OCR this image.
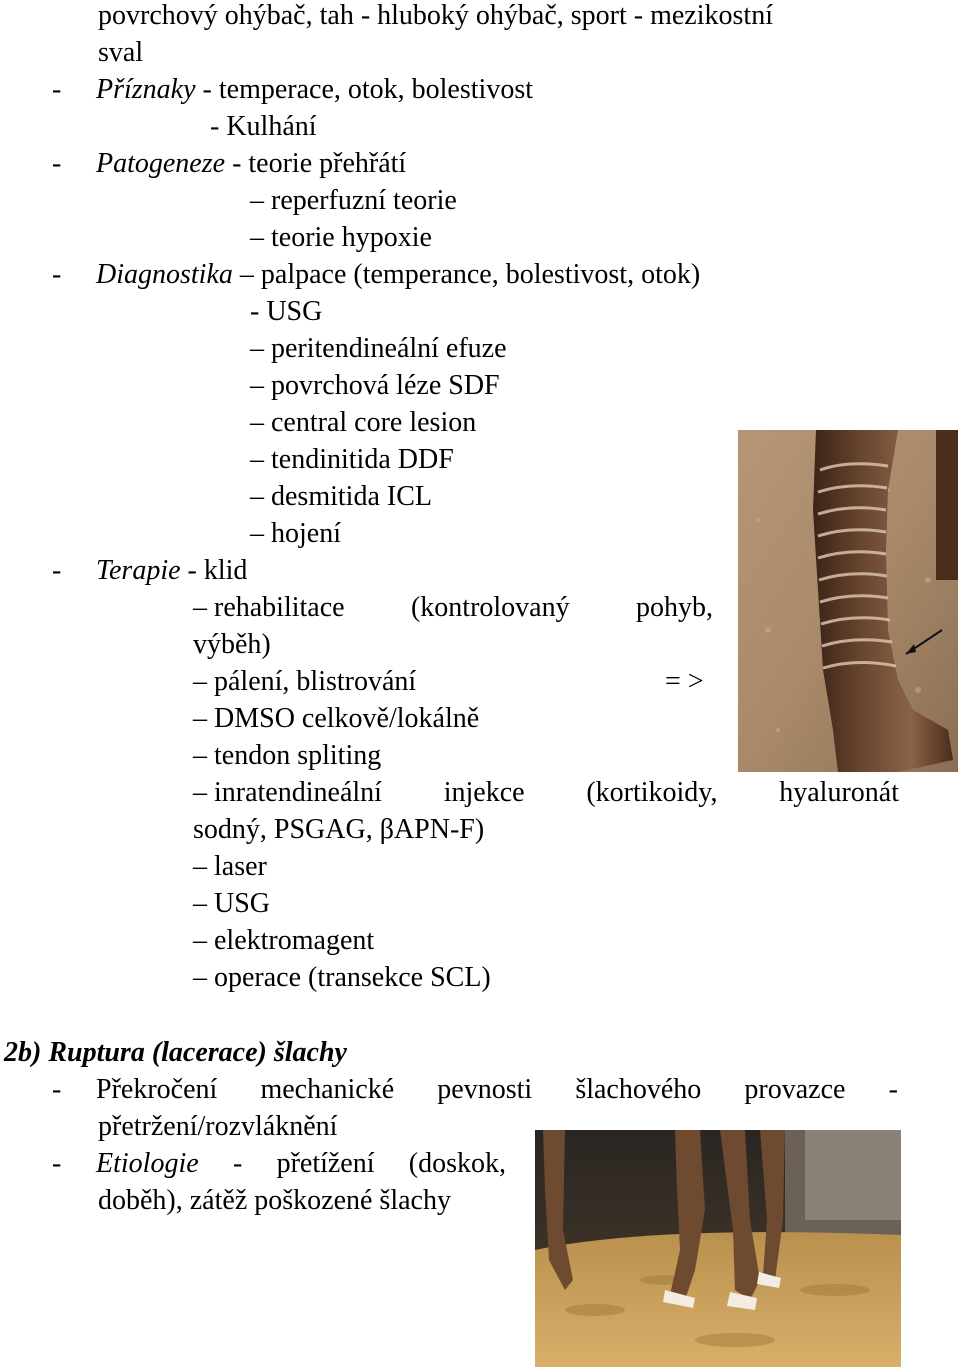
povrchový ohýbač, tah - hluboký ohýbač, sport - mezikostní
sval
- Příznaky - temperace, otok, bolestivost
- Kulhání
- Patogeneze - teorie přehřátí
– reperfuzní teorie
– teorie hypoxie
- Diagnostika – palpace (temperance, bolestivost, otok)
- USG
– peritendineální efuze
– povrchová léze SDF
– central core lesion
– tendinitida DDF
– desmitida ICL
– hojení
- Terapie - klid
– rehabilitace (kontrolovaný pohyb,
výběh)
– pálení, blistrování	= >
– DMSO celkově/lokálně
– tendon spliting
– inratendineální injekce (kortikoidy, hyaluronát
sodný, PSGAG, βAPN-F)
– laser
– USG
– elektromagent
– operace (transekce SCL)
2b) Ruptura (lacerace) šlachy
- Překročení mechanické pevnosti šlachového provazce -
přetržení/rozvláknění
- Etiologie - přetížení (doskok,
doběh), zátěž poškozené šlachy
